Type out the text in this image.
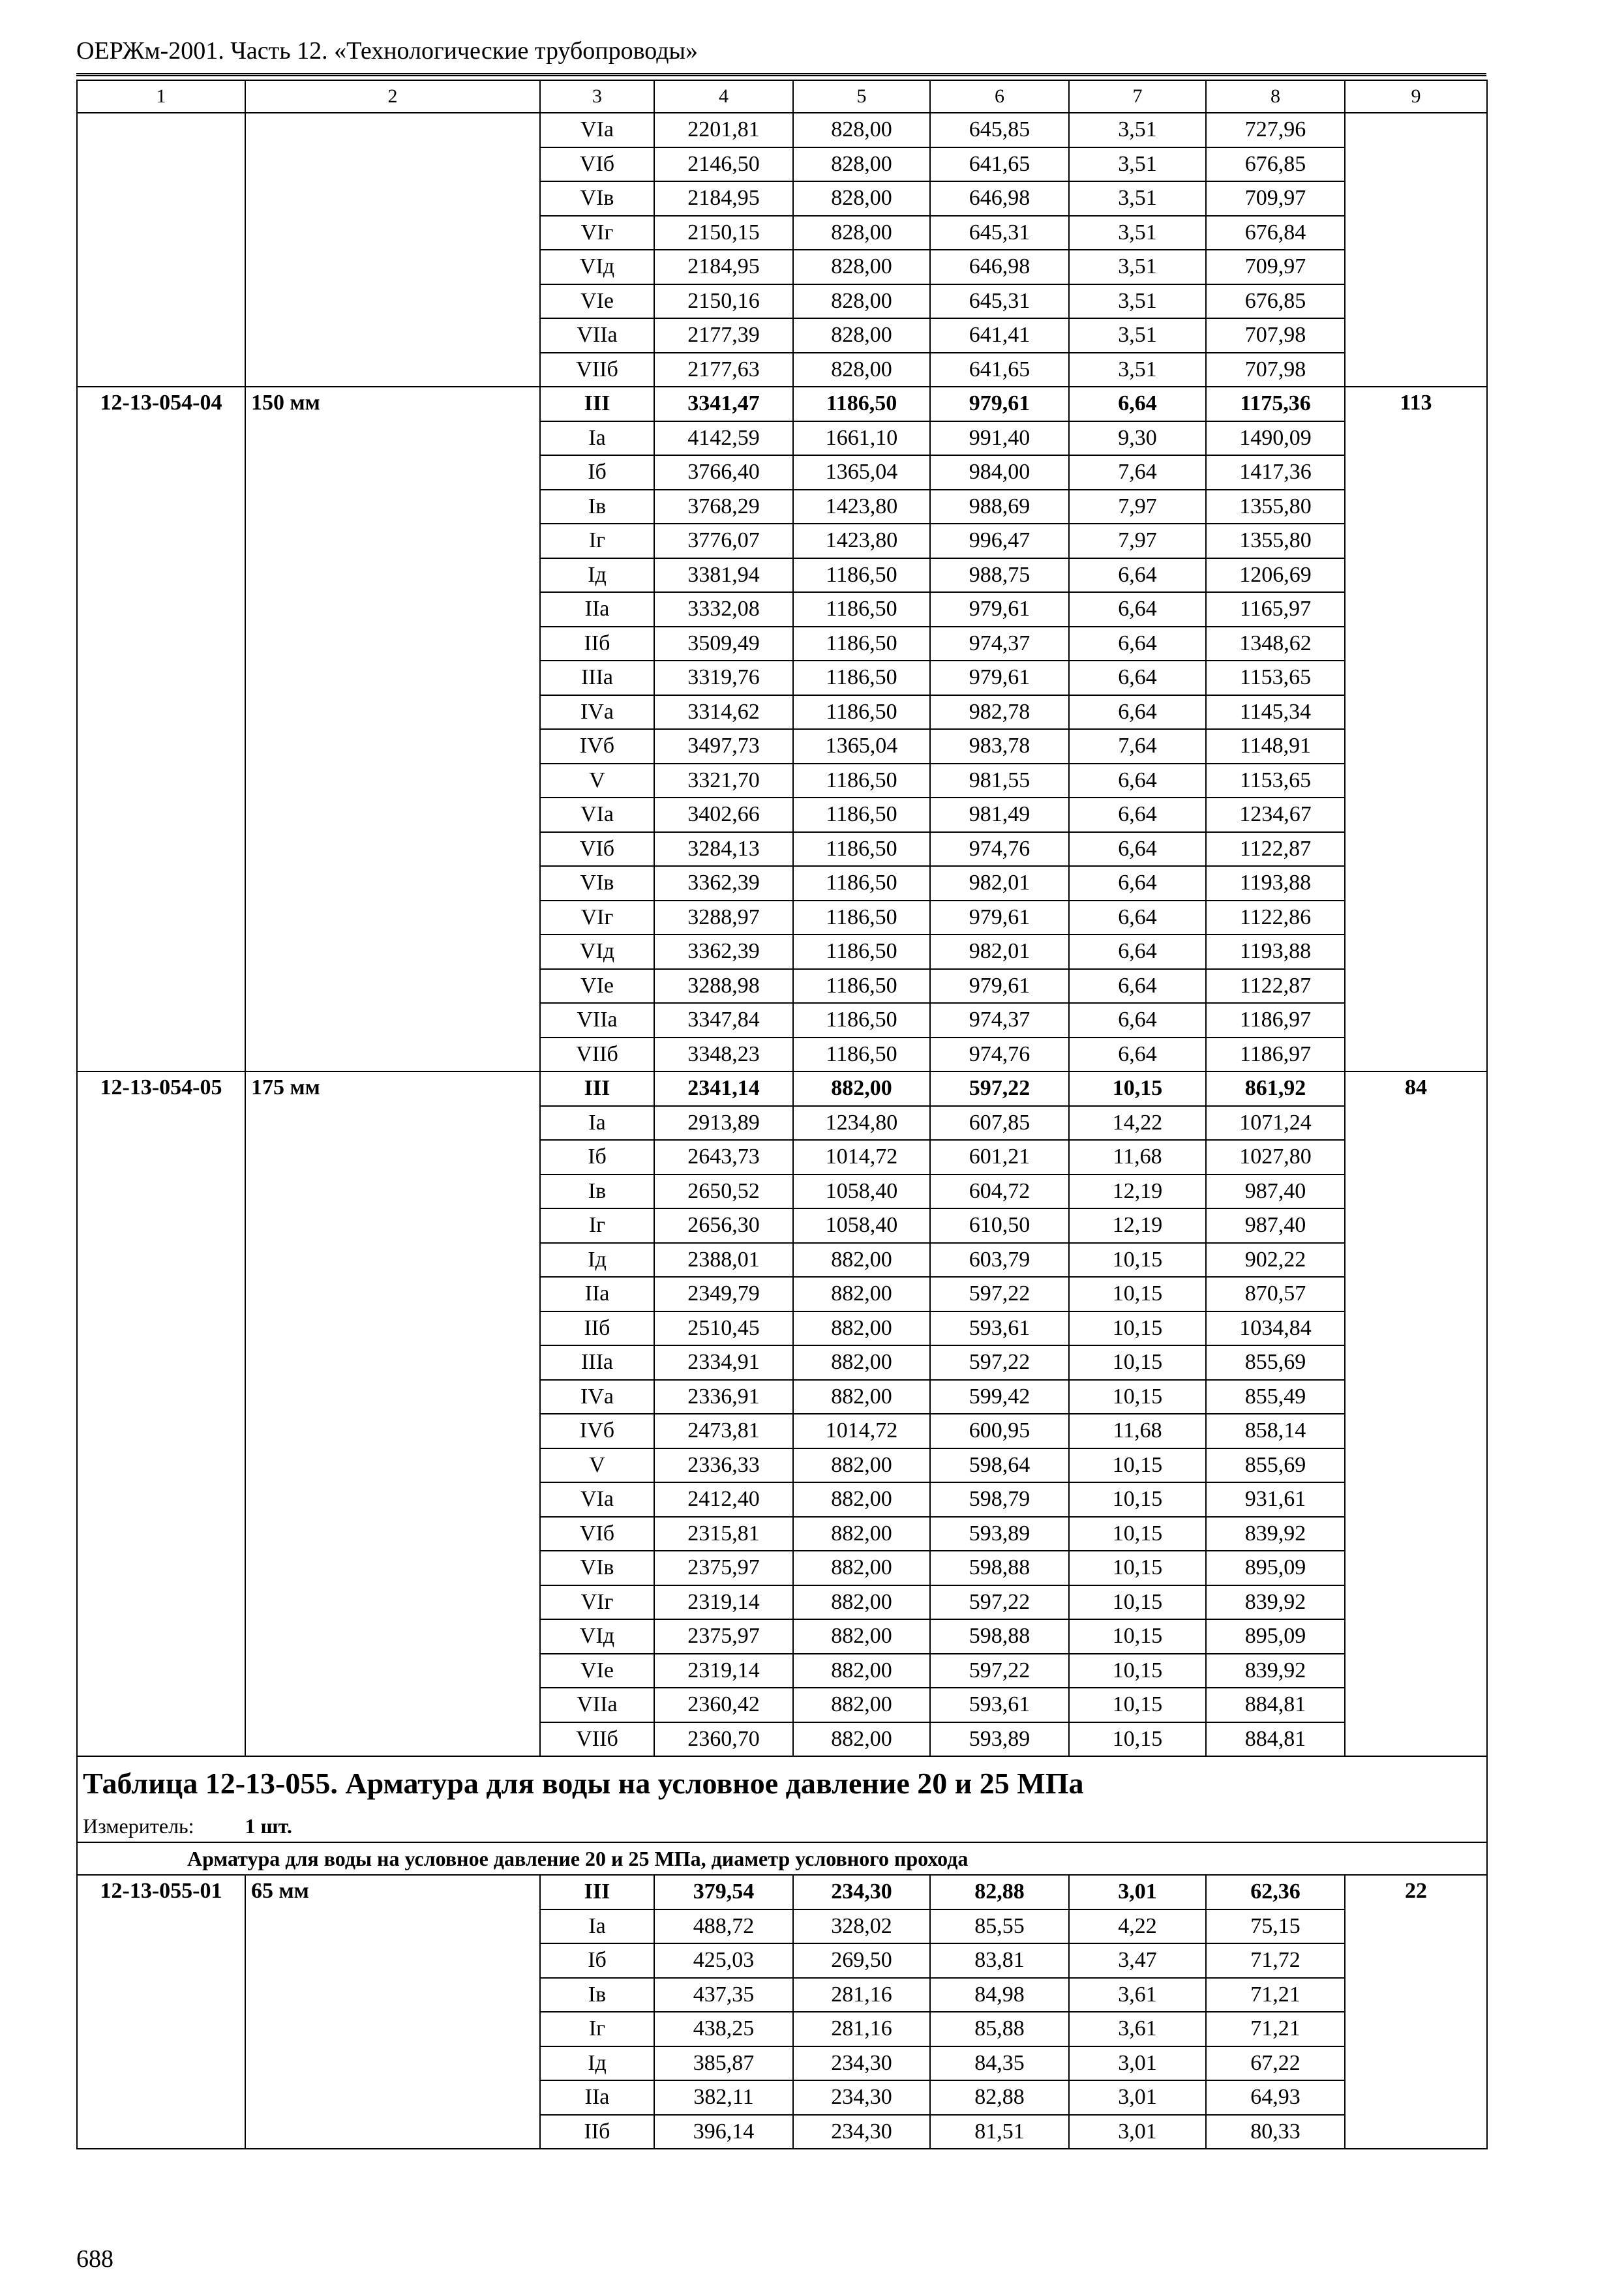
ОЕРЖм-2001. Часть 12. «Технологические трубопроводы»
1	2	3	4	5	6	7	8	9
		VIа	2201,81	828,00	645,85	3,51	727,96	
		VIб	2146,50	828,00	641,65	3,51	676,85	
		VIв	2184,95	828,00	646,98	3,51	709,97	
		VIг	2150,15	828,00	645,31	3,51	676,84	
		VIд	2184,95	828,00	646,98	3,51	709,97	
		VIе	2150,16	828,00	645,31	3,51	676,85	
		VIIа	2177,39	828,00	641,41	3,51	707,98	
		VIIб	2177,63	828,00	641,65	3,51	707,98	
12-13-054-04	150 мм	III	3341,47	1186,50	979,61	6,64	1175,36	113
		Iа	4142,59	1661,10	991,40	9,30	1490,09	
		Iб	3766,40	1365,04	984,00	7,64	1417,36	
		Iв	3768,29	1423,80	988,69	7,97	1355,80	
		Iг	3776,07	1423,80	996,47	7,97	1355,80	
		Iд	3381,94	1186,50	988,75	6,64	1206,69	
		IIа	3332,08	1186,50	979,61	6,64	1165,97	
		IIб	3509,49	1186,50	974,37	6,64	1348,62	
		IIIа	3319,76	1186,50	979,61	6,64	1153,65	
		IVа	3314,62	1186,50	982,78	6,64	1145,34	
		IVб	3497,73	1365,04	983,78	7,64	1148,91	
		V	3321,70	1186,50	981,55	6,64	1153,65	
		VIа	3402,66	1186,50	981,49	6,64	1234,67	
		VIб	3284,13	1186,50	974,76	6,64	1122,87	
		VIв	3362,39	1186,50	982,01	6,64	1193,88	
		VIг	3288,97	1186,50	979,61	6,64	1122,86	
		VIд	3362,39	1186,50	982,01	6,64	1193,88	
		VIе	3288,98	1186,50	979,61	6,64	1122,87	
		VIIа	3347,84	1186,50	974,37	6,64	1186,97	
		VIIб	3348,23	1186,50	974,76	6,64	1186,97	
12-13-054-05	175 мм	III	2341,14	882,00	597,22	10,15	861,92	84
		Iа	2913,89	1234,80	607,85	14,22	1071,24	
		Iб	2643,73	1014,72	601,21	11,68	1027,80	
		Iв	2650,52	1058,40	604,72	12,19	987,40	
		Iг	2656,30	1058,40	610,50	12,19	987,40	
		Iд	2388,01	882,00	603,79	10,15	902,22	
		IIа	2349,79	882,00	597,22	10,15	870,57	
		IIб	2510,45	882,00	593,61	10,15	1034,84	
		IIIа	2334,91	882,00	597,22	10,15	855,69	
		IVа	2336,91	882,00	599,42	10,15	855,49	
		IVб	2473,81	1014,72	600,95	11,68	858,14	
		V	2336,33	882,00	598,64	10,15	855,69	
		VIа	2412,40	882,00	598,79	10,15	931,61	
		VIб	2315,81	882,00	593,89	10,15	839,92	
		VIв	2375,97	882,00	598,88	10,15	895,09	
		VIг	2319,14	882,00	597,22	10,15	839,92	
		VIд	2375,97	882,00	598,88	10,15	895,09	
		VIе	2319,14	882,00	597,22	10,15	839,92	
		VIIа	2360,42	882,00	593,61	10,15	884,81	
		VIIб	2360,70	882,00	593,89	10,15	884,81	
Таблица 12-13-055. Арматура для воды на условное давление 20 и 25 МПа								
Измеритель: 1 шт.								

Арматура для воды на условное давление 20 и 25 МПа, диаметр условного прохода								

12-13-055-01	65 мм	III	379,54	234,30	82,88	3,01	62,36	22
		Iа	488,72	328,02	85,55	4,22	75,15	
		Iб	425,03	269,50	83,81	3,47	71,72	
		Iв	437,35	281,16	84,98	3,61	71,21	
		Iг	438,25	281,16	85,88	3,61	71,21	
		Iд	385,87	234,30	84,35	3,01	67,22	
		IIа	382,11	234,30	82,88	3,01	64,93	
		IIб	396,14	234,30	81,51	3,01	80,33	
688
